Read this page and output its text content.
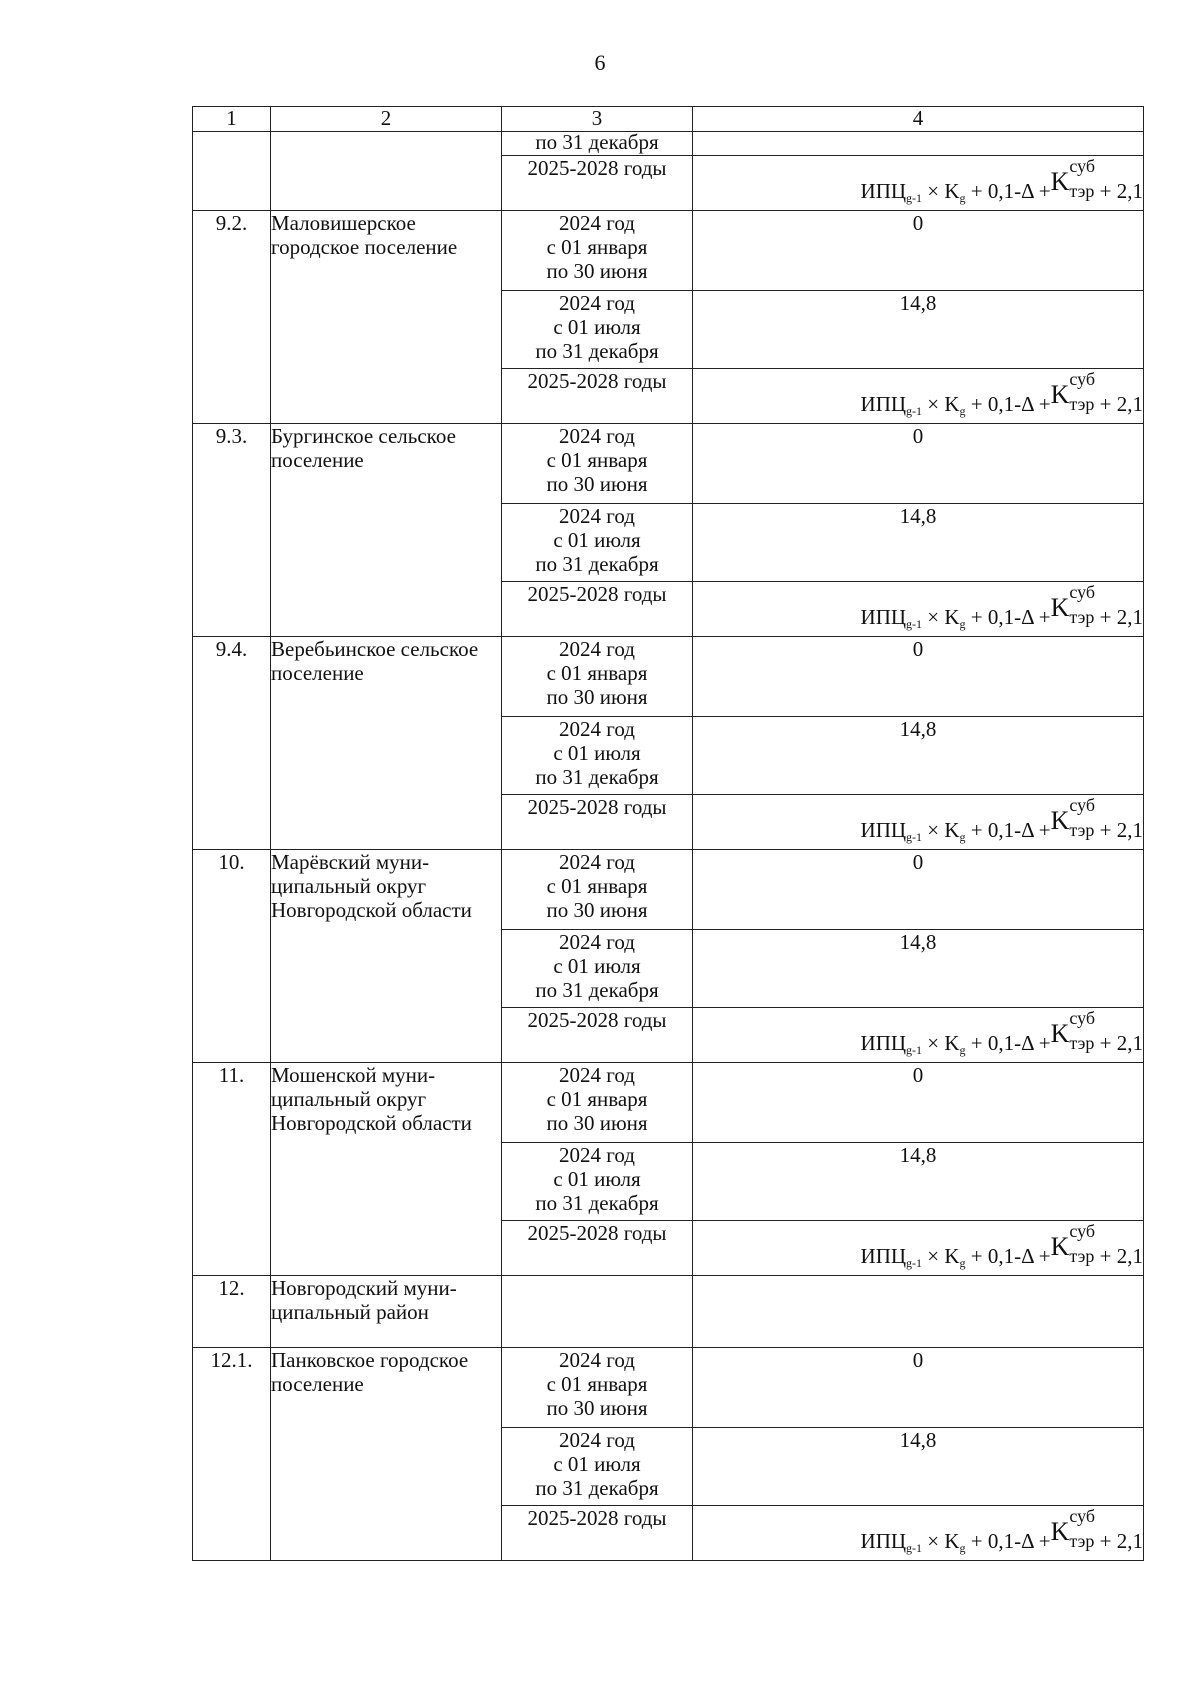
6
1	2	3	4
		по 31 декабря	
		2025-2028 годы	$ИПЦ_{g-1} \times K_g + 0,1-\Delta +K$
суб
тэр + 2,1
9.2.	Маловишерское городское поселение	2024 год
с 01 января
по 30 июня	0

		2024 год
с 01 июля
по 31 декабря	14,8
		2025-2028 годы	$ИПЦ_{g-1} \times K_g + 0,1-\Delta +K$
суб
тэр + 2,1
9.3.	Бургинское сельское поселение	2024 год
с 01 января
по 30 июня	0

		2024 год
с 01 июля
по 31 декабря	14,8
		2025-2028 годы	$ИПЦ_{g-1} \times K_g + 0,1-\Delta +K$
суб
тэр + 2,1
9.4.	Веребьинское сельское поселение	2024 год
с 01 января
по 30 июня	0

		2024 год
с 01 июля
по 31 декабря	14,8
		2025-2028 годы	$ИПЦ_{g-1} \times K_g + 0,1-\Delta +K$
суб
тэр + 2,1
10.	Марёвский муни-ципальный округ Новгородской области	2024 год
с 01 января
по 30 июня	0

		2024 год
с 01 июля
по 31 декабря	14,8
		2025-2028 годы	$ИПЦ_{g-1} \times K_g + 0,1-\Delta +K$
суб
тэр + 2,1
11.	Мошенской муни-ципальный округ Новгородской области	2024 год
с 01 января
по 30 июня	0

		2024 год
с 01 июля
по 31 декабря	14,8
		2025-2028 годы	$ИПЦ_{g-1} \times K_g + 0,1-\Delta +K$
суб
тэр + 2,1
12.	Новгородский муни-ципальный район		
12.1.	Панковское городское поселение	2024 год
с 01 января
по 30 июня	0

		2024 год
с 01 июля
по 31 декабря	14,8
		2025-2028 годы	$ИПЦ_{g-1} \times K_g + 0,1-\Delta +K$
суб
тэр + 2,1
